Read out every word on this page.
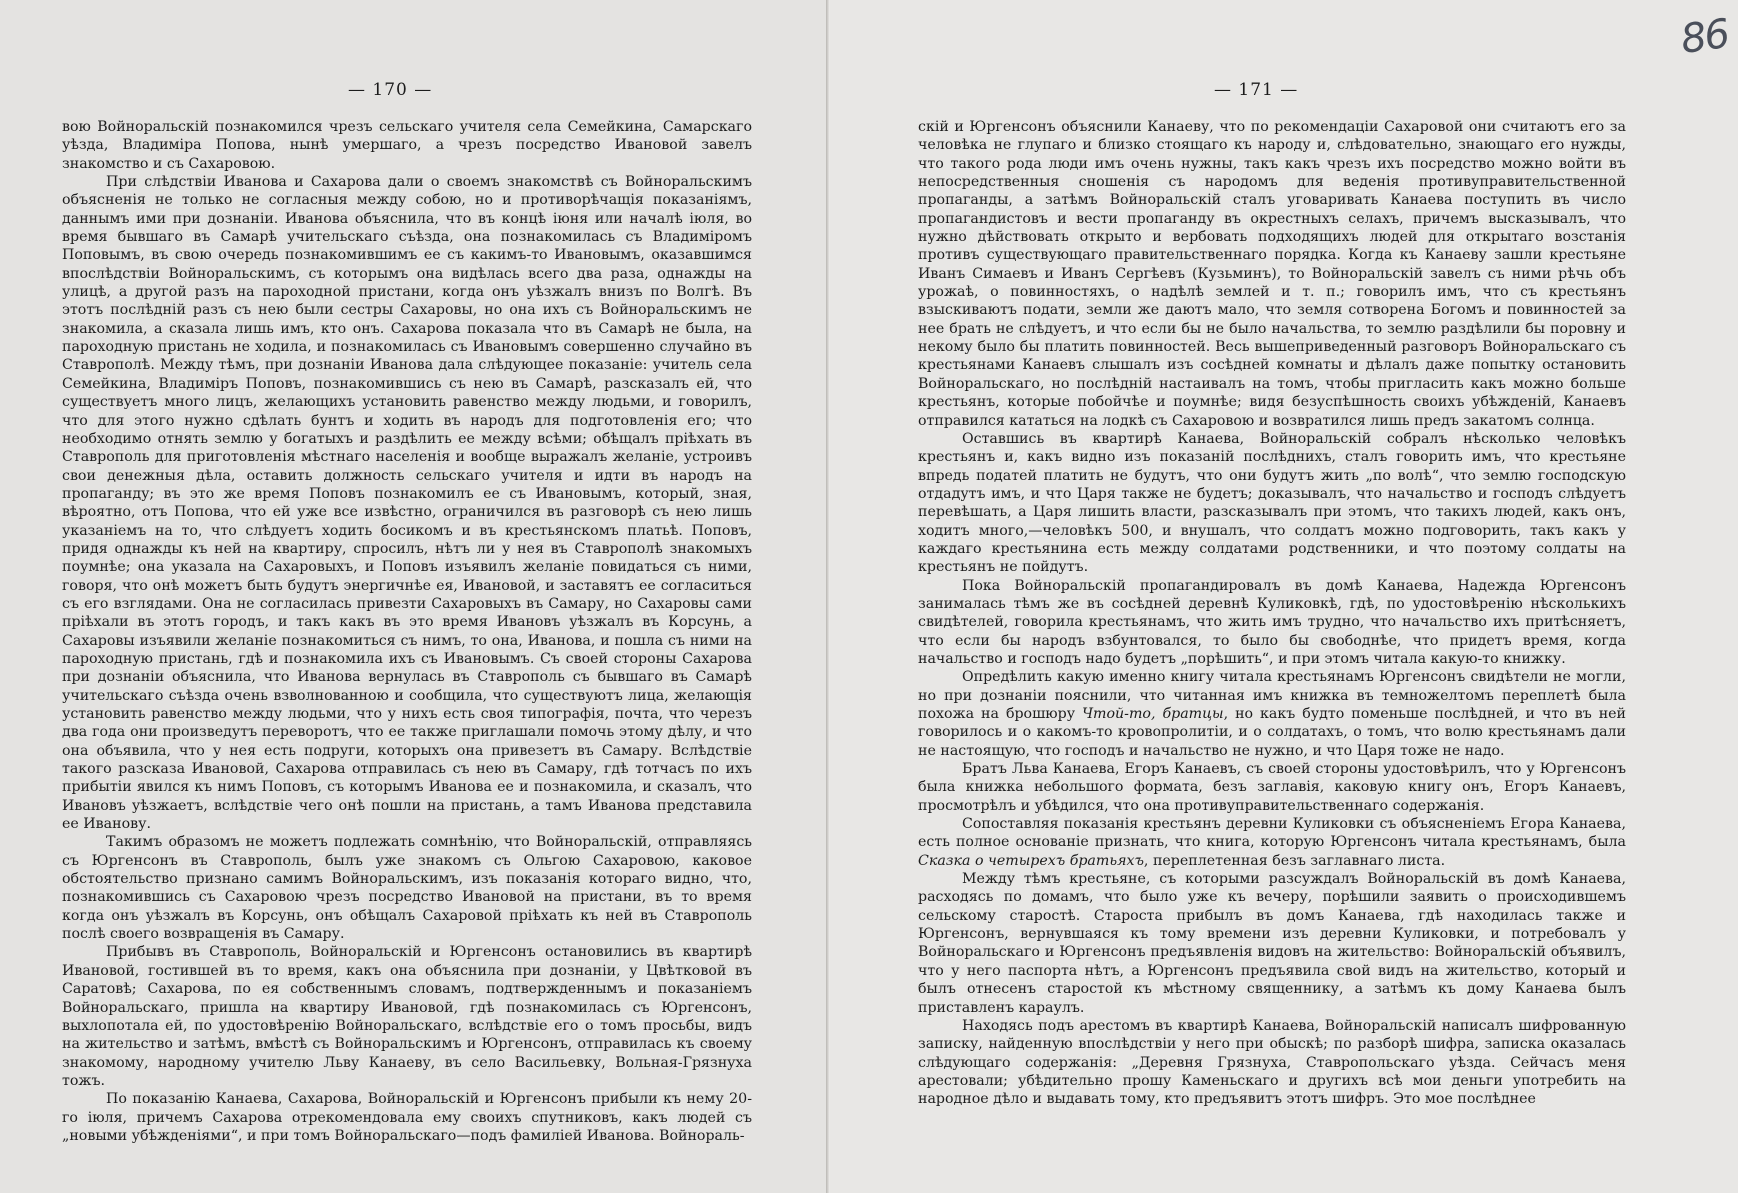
— 170 —

вою Войноральскій познакомился чрезъ сельскаго учителя села Семейкина, Самарскаго уѣзда, Владиміра Попова, нынѣ умершаго, а чрезъ посредство Ивановой завелъ знакомство и съ Сахаровою.

При слѣдствіи Иванова и Сахарова дали о своемъ знакомствѣ съ Войноральскимъ объясненія не только не согласныя между собою, но и противорѣчащія показаніямъ, даннымъ ими при дознаніи. Иванова объяснила, что въ концѣ іюня или началѣ іюля, во время бывшаго въ Самарѣ учительскаго съѣзда, она познакомилась съ Владиміромъ Поповымъ, въ свою очередь познакомившимъ ее съ какимъ-то Ивановымъ, оказавшимся впослѣдствіи Войноральскимъ, съ которымъ она видѣлась всего два раза, однажды на улицѣ, а другой разъ на пароходной пристани, когда онъ уѣзжалъ внизъ по Волгѣ. Въ этотъ послѣдній разъ съ нею были сестры Сахаровы, но она ихъ съ Войноральскимъ не знакомила, а сказала лишь имъ, кто онъ. Сахарова показала что въ Самарѣ не была, на пароходную пристань не ходила, и познакомилась съ Ивановымъ совершенно случайно въ Ставрополѣ. Между тѣмъ, при дознаніи Иванова дала слѣдующее показаніе: учитель села Семейкина, Владиміръ Поповъ, познакомившись съ нею въ Самарѣ, разсказалъ ей, что существуетъ много лицъ, желающихъ установить равенство между людьми, и говорилъ, что для этого нужно сдѣлать бунтъ и ходить въ народъ для подготовленія его; что необходимо отнять землю у богатыхъ и раздѣлить ее между всѣми; обѣщалъ пріѣхать въ Ставрополь для приготовленія мѣстнаго населенія и вообще выражалъ желаніе, устроивъ свои денежныя дѣла, оставить должность сельскаго учителя и идти въ народъ на пропаганду; въ это же время Поповъ познакомилъ ее съ Ивановымъ, который, зная, вѣроятно, отъ Попова, что ей уже все извѣстно, ограничился въ разговорѣ съ нею лишь указаніемъ на то, что слѣдуетъ ходить босикомъ и въ крестьянскомъ платьѣ. Поповъ, придя однажды къ ней на квартиру, спросилъ, нѣтъ ли у нея въ Ставрополѣ знакомыхъ поумнѣе; она указала на Сахаровыхъ, и Поповъ изъявилъ желаніе повидаться съ ними, говоря, что онѣ можетъ быть будутъ энергичнѣе ея, Ивановой, и заставятъ ее согласиться съ его взглядами. Она не согласилась привезти Сахаровыхъ въ Самару, но Сахаровы сами пріѣхали въ этотъ городъ, и такъ какъ въ это время Ивановъ уѣзжалъ въ Корсунь, а Сахаровы изъявили желаніе познакомиться съ нимъ, то она, Иванова, и пошла съ ними на пароходную пристань, гдѣ и познакомила ихъ съ Ивановымъ. Съ своей стороны Сахарова при дознаніи объяснила, что Иванова вернулась въ Ставрополь съ бывшаго въ Самарѣ учительскаго съѣзда очень взволнованною и сообщила, что существуютъ лица, желающія установить равенство между людьми, что у нихъ есть своя типографія, почта, что черезъ два года они произведутъ переворотъ, что ее также приглашали помочь этому дѣлу, и что она объявила, что у нея есть подруги, которыхъ она привезетъ въ Самару. Вслѣдствіе такого разсказа Ивановой, Сахарова отправилась съ нею въ Самару, гдѣ тотчасъ по ихъ прибытіи явился къ нимъ Поповъ, съ которымъ Иванова ее и познакомила, и сказалъ, что Ивановъ уѣзжаетъ, вслѣдствіе чего онѣ пошли на пристань, а тамъ Иванова представила ее Иванову.

Такимъ образомъ не можетъ подлежать сомнѣнію, что Войноральскій, отправляясь съ Юргенсонъ въ Ставрополь, былъ уже знакомъ съ Ольгою Сахаровою, каковое обстоятельство признано самимъ Войноральскимъ, изъ показанія котораго видно, что, познакомившись съ Сахаровою чрезъ посредство Ивановой на пристани, въ то время когда онъ уѣзжалъ въ Корсунь, онъ обѣщалъ Сахаровой пріѣхать къ ней въ Ставрополь послѣ своего возвращенія въ Самару.

Прибывъ въ Ставрополь, Войноральскій и Юргенсонъ остановились въ квартирѣ Ивановой, гостившей въ то время, какъ она объяснила при дознаніи, у Цвѣтковой въ Саратовѣ; Сахарова, по ея собственнымъ словамъ, подтвержденнымъ и показаніемъ Войноральскаго, пришла на квартиру Ивановой, гдѣ познакомилась съ Юргенсонъ, выхлопотала ей, по удостовѣренію Войноральскаго, вслѣдствіе его о томъ просьбы, видъ на жительство и затѣмъ, вмѣстѣ съ Войноральскимъ и Юргенсонъ, отправилась къ своему знакомому, народному учителю Льву Канаеву, въ село Васильевку, Вольная-Грязнуха тожъ.

По показанію Канаева, Сахарова, Войноральскій и Юргенсонъ прибыли къ нему 20-го іюля, причемъ Сахарова отрекомендовала ему своихъ спутниковъ, какъ людей съ „новыми убѣжденіями“, и при томъ Войноральскаго—подъ фамиліей Иванова. Войнораль-

— 171 —
86

скій и Юргенсонъ объяснили Канаеву, что по рекомендаціи Сахаровой они считаютъ его за человѣка не глупаго и близко стоящаго къ народу и, слѣдовательно, знающаго его нужды, что такого рода люди имъ очень нужны, такъ какъ чрезъ ихъ посредство можно войти въ непосредственныя сношенія съ народомъ для веденія противуправительственной пропаганды, а затѣмъ Войноральскій сталъ уговаривать Канаева поступить въ число пропагандистовъ и вести пропаганду въ окрестныхъ селахъ, причемъ высказывалъ, что нужно дѣйствовать открыто и вербовать подходящихъ людей для открытаго возстанія противъ существующаго правительственнаго порядка. Когда къ Канаеву зашли крестьяне Иванъ Симаевъ и Иванъ Сергѣевъ (Кузьминъ), то Войноральскій завелъ съ ними рѣчь объ урожаѣ, о повинностяхъ, о надѣлѣ землей и т. п.; говорилъ имъ, что съ крестьянъ взыскиваютъ подати, земли же даютъ мало, что земля сотворена Богомъ и повинностей за нее брать не слѣдуетъ, и что если бы не было начальства, то землю раздѣлили бы поровну и некому было бы платить повинностей. Весь вышеприведенный разговоръ Войноральскаго съ крестьянами Канаевъ слышалъ изъ сосѣдней комнаты и дѣлалъ даже попытку остановить Войноральскаго, но послѣдній настаивалъ на томъ, чтобы пригласить какъ можно больше крестьянъ, которые побойчѣе и поумнѣе; видя безуспѣшность своихъ убѣжденій, Канаевъ отправился кататься на лодкѣ съ Сахаровою и возвратился лишь предъ закатомъ солнца.

Оставшись въ квартирѣ Канаева, Войноральскій собралъ нѣсколько человѣкъ крестьянъ и, какъ видно изъ показаній послѣднихъ, сталъ говорить имъ, что крестьяне впредь податей платить не будутъ, что они будутъ жить „по волѣ“, что землю господскую отдадутъ имъ, и что Царя также не будетъ; доказывалъ, что начальство и господъ слѣдуетъ перевѣшать, а Царя лишить власти, разсказывалъ при этомъ, что такихъ людей, какъ онъ, ходитъ много,—человѣкъ 500, и внушалъ, что солдатъ можно подговорить, такъ какъ у каждаго крестьянина есть между солдатами родственники, и что поэтому солдаты на крестьянъ не пойдутъ.

Пока Войноральскій пропагандировалъ въ домѣ Канаева, Надежда Юргенсонъ занималась тѣмъ же въ сосѣдней деревнѣ Куликовкѣ, гдѣ, по удостовѣренію нѣсколькихъ свидѣтелей, говорила крестьянамъ, что жить имъ трудно, что начальство ихъ притѣсняетъ, что если бы народъ взбунтовался, то было бы свободнѣе, что придетъ время, когда начальство и господъ надо будетъ „порѣшить“, и при этомъ читала какую-то книжку.

Опредѣлить какую именно книгу читала крестьянамъ Юргенсонъ свидѣтели не могли, но при дознаніи пояснили, что читанная имъ книжка въ темножелтомъ переплетѣ была похожа на брошюру Чтой-то, братцы, но какъ будто поменьше послѣдней, и что въ ней говорилось и о какомъ-то кровопролитіи, и о солдатахъ, о томъ, что волю крестьянамъ дали не настоящую, что господъ и начальство не нужно, и что Царя тоже не надо.

Братъ Льва Канаева, Егоръ Канаевъ, съ своей стороны удостовѣрилъ, что у Юргенсонъ была книжка небольшого формата, безъ заглавія, каковую книгу онъ, Егоръ Канаевъ, просмотрѣлъ и убѣдился, что она противуправительственнаго содержанія.

Сопоставляя показанія крестьянъ деревни Куликовки съ объясненіемъ Егора Канаева, есть полное основаніе признать, что книга, которую Юргенсонъ читала крестьянамъ, была Сказка о четырехъ братьяхъ, переплетенная безъ заглавнаго листа.

Между тѣмъ крестьяне, съ которыми разсуждалъ Войноральскій въ домѣ Канаева, расходясь по домамъ, что было уже къ вечеру, порѣшили заявить о происходившемъ сельскому старостѣ. Староста прибылъ въ домъ Канаева, гдѣ находилась также и Юргенсонъ, вернувшаяся къ тому времени изъ деревни Куликовки, и потребовалъ у Войноральскаго и Юргенсонъ предъявленія видовъ на жительство: Войноральскій объявилъ, что у него паспорта нѣтъ, а Юргенсонъ предъявила свой видъ на жительство, который и былъ отнесенъ старостой къ мѣстному священнику, а затѣмъ къ дому Канаева былъ приставленъ караулъ.

Находясь подъ арестомъ въ квартирѣ Канаева, Войноральскій написалъ шифрованную записку, найденную впослѣдствіи у него при обыскѣ; по разборѣ шифра, записка оказалась слѣдующаго содержанія: „Деревня Грязнуха, Ставропольскаго уѣзда. Сейчасъ меня арестовали; убѣдительно прошу Каменьскаго и другихъ всѣ мои деньги употребить на народное дѣло и выдавать тому, кто предъявитъ этотъ шифръ. Это мое послѣднее
